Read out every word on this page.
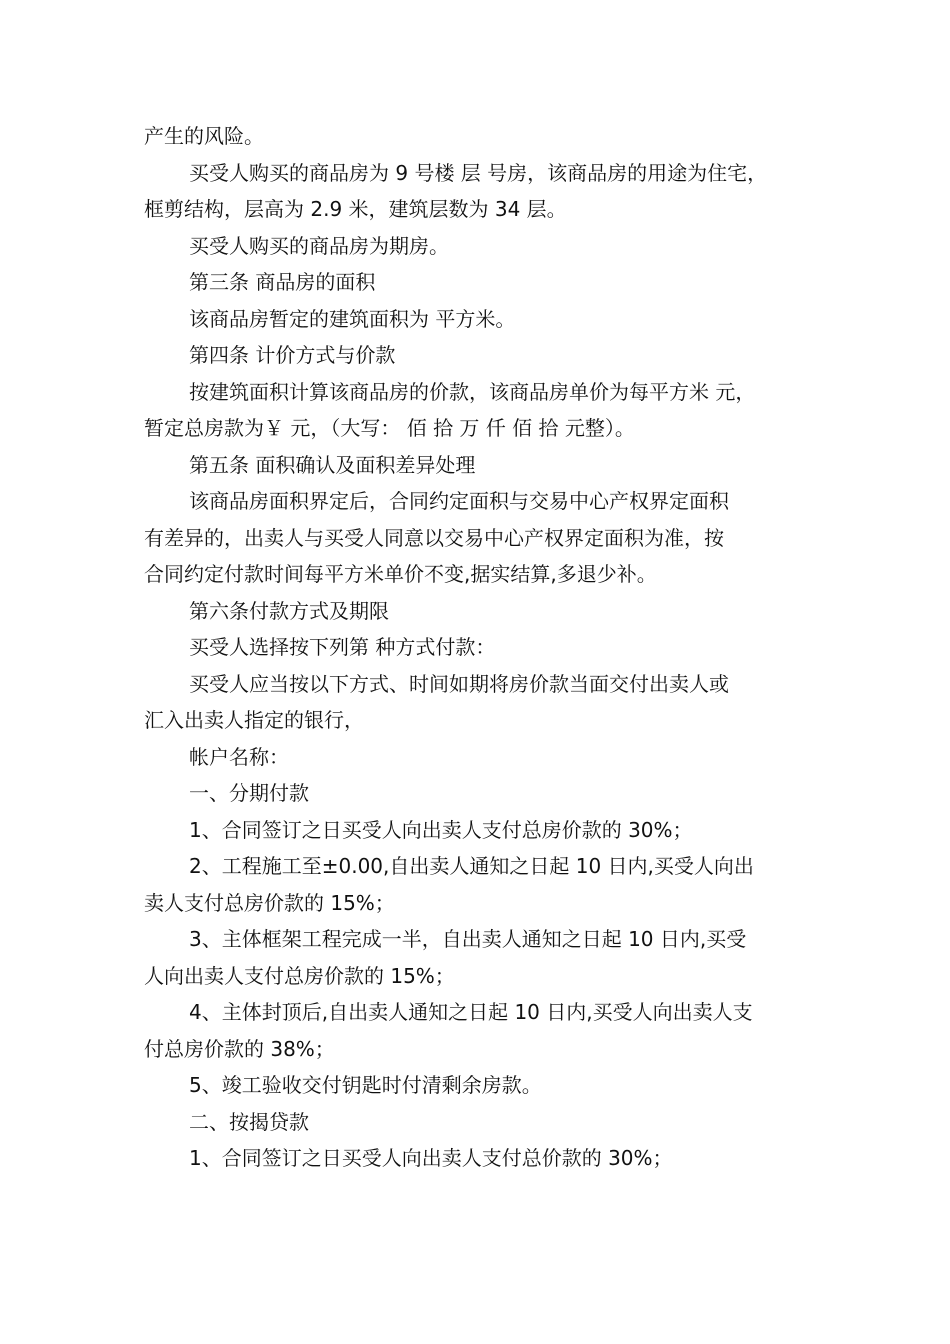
产生的风险。

买受人购买的商品房为 9 号楼 层 号房，该商品房的用途为住宅，

框剪结构，层高为 2.9 米，建筑层数为 34 层。

买受人购买的商品房为期房。

第三条 商品房的面积

该商品房暂定的建筑面积为 平方米。

第四条 计价方式与价款

按建筑面积计算该商品房的价款，该商品房单价为每平方米 元，

暂定总房款为￥ 元，（大写： 佰 拾 万 仟 佰 拾 元整）。

第五条 面积确认及面积差异处理

该商品房面积界定后，合同约定面积与交易中心产权界定面积

有差异的，出卖人与买受人同意以交易中心产权界定面积为准，按

合同约定付款时间每平方米单价不变,据实结算,多退少补。

第六条付款方式及期限

买受人选择按下列第 种方式付款：

买受人应当按以下方式、时间如期将房价款当面交付出卖人或

汇入出卖人指定的银行，

帐户名称：

一、分期付款

1、合同签订之日买受人向出卖人支付总房价款的 30%；

2、工程施工至±0.00,自出卖人通知之日起 10 日内,买受人向出

卖人支付总房价款的 15%；

3、主体框架工程完成一半，自出卖人通知之日起 10 日内,买受

人向出卖人支付总房价款的 15%；

4、主体封顶后,自出卖人通知之日起 10 日内,买受人向出卖人支

付总房价款的 38%；

5、竣工验收交付钥匙时付清剩余房款。

二、按揭贷款

1、合同签订之日买受人向出卖人支付总价款的 30%；
